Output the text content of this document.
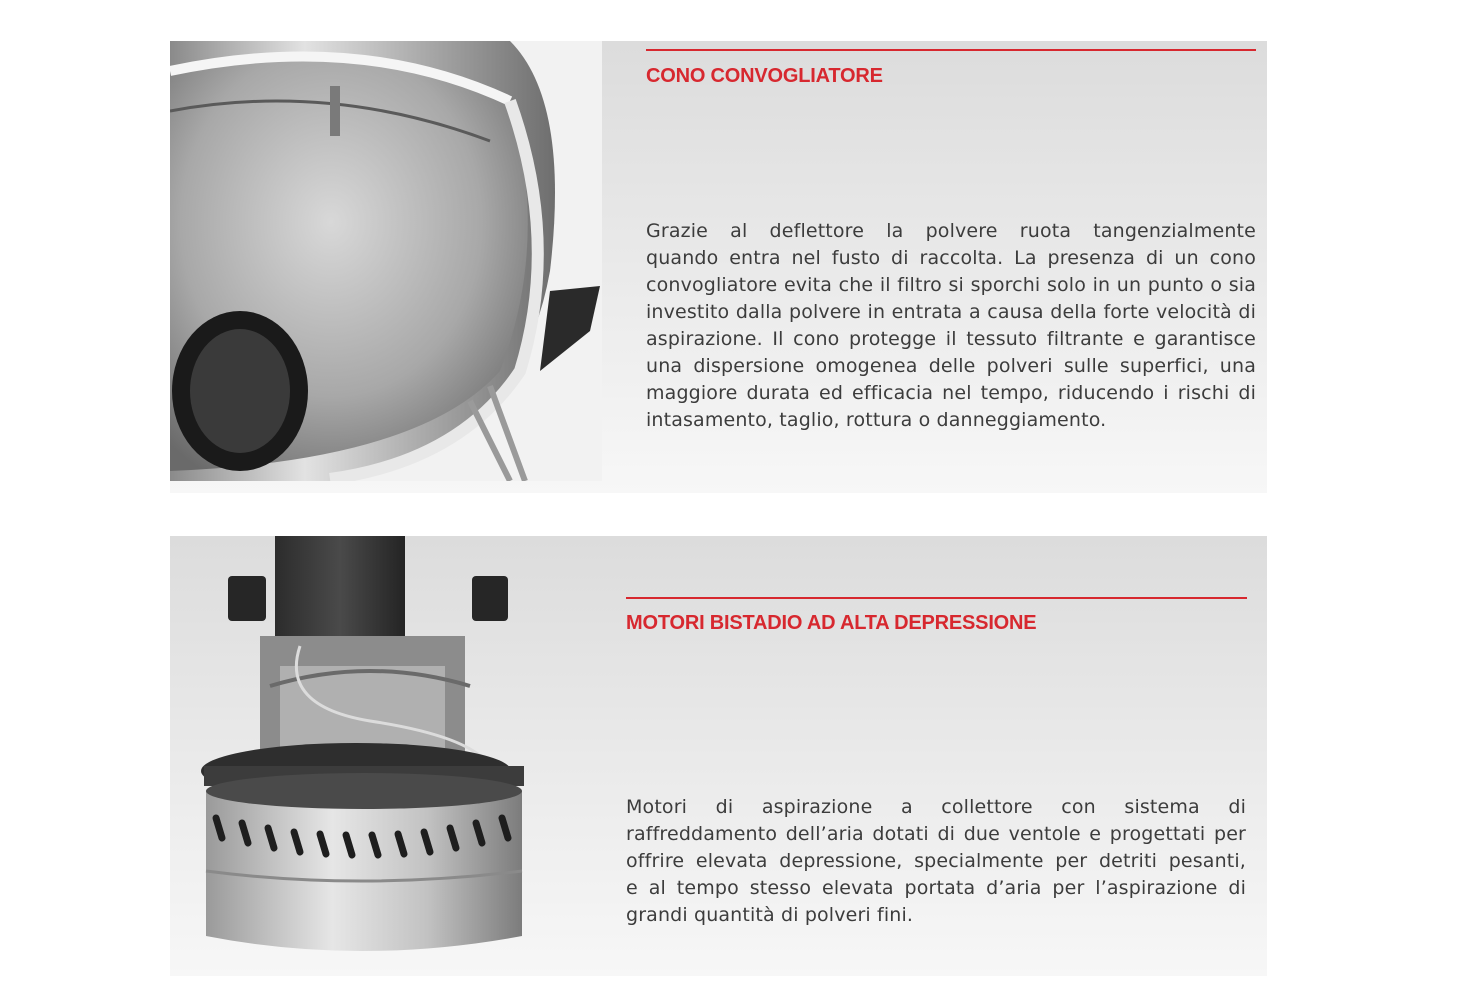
CONO CONVOGLIATORE
Grazie al deflettore la polvere ruota tangenzialmente
quando entra nel fusto di raccolta. La presenza di un cono
convogliatore evita che il filtro si sporchi solo in un punto o sia
investito dalla polvere in entrata a causa della forte velocità di
aspirazione. Il cono protegge il tessuto filtrante e garantisce
una dispersione omogenea delle polveri sulle superfici, una
maggiore durata ed efficacia nel tempo, riducendo i rischi di
intasamento, taglio, rottura o danneggiamento.
MOTORI BISTADIO AD ALTA DEPRESSIONE
Motori di aspirazione a collettore con sistema di
raffreddamento dell’aria dotati di due ventole e progettati per
offrire elevata depressione, specialmente per detriti pesanti,
e al tempo stesso elevata portata d’aria per l’aspirazione di
grandi quantità di polveri fini.
